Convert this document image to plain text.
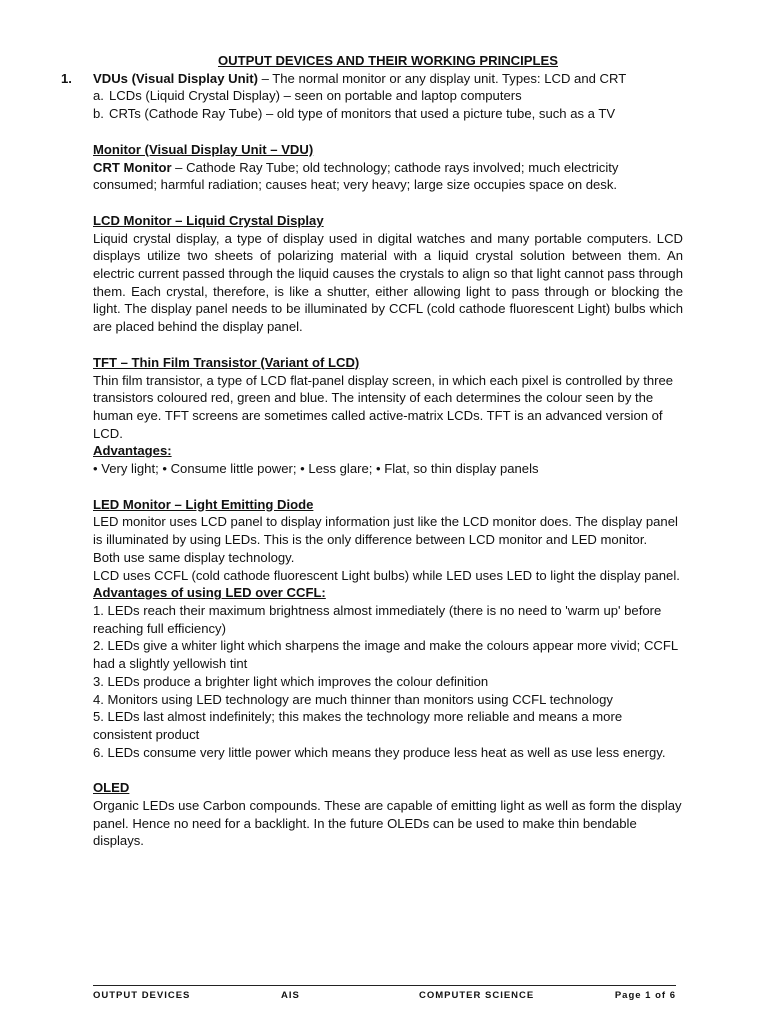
OUTPUT DEVICES AND THEIR WORKING PRINCIPLES
1. VDUs (Visual Display Unit) – The normal monitor or any display unit. Types: LCD and CRT
a. LCDs (Liquid Crystal Display) – seen on portable and laptop computers
b. CRTs (Cathode Ray Tube) – old type of monitors that used a picture tube, such as a TV
Monitor (Visual Display Unit – VDU)
CRT Monitor – Cathode Ray Tube; old technology; cathode rays involved; much electricity consumed; harmful radiation; causes heat; very heavy; large size occupies space on desk.
LCD Monitor – Liquid Crystal Display
Liquid crystal display, a type of display used in digital watches and many portable computers. LCD displays utilize two sheets of polarizing material with a liquid crystal solution between them. An electric current passed through the liquid causes the crystals to align so that light cannot pass through them. Each crystal, therefore, is like a shutter, either allowing light to pass through or blocking the light. The display panel needs to be illuminated by CCFL (cold cathode fluorescent Light) bulbs which are placed behind the display panel.
TFT – Thin Film Transistor (Variant of LCD)
Thin film transistor, a type of LCD flat-panel display screen, in which each pixel is controlled by three transistors coloured red, green and blue. The intensity of each determines the colour seen by the human eye. TFT screens are sometimes called active-matrix LCDs. TFT is an advanced version of LCD.
Advantages:
• Very light; • Consume little power; • Less glare; • Flat, so thin display panels
LED Monitor – Light Emitting Diode
LED monitor uses LCD panel to display information just like the LCD monitor does. The display panel is illuminated by using LEDs. This is the only difference between LCD monitor and LED monitor.
Both use same display technology.
LCD uses CCFL (cold cathode fluorescent Light bulbs) while LED uses LED to light the display panel.
Advantages of using LED over CCFL:
1. LEDs reach their maximum brightness almost immediately (there is no need to 'warm up' before reaching full efficiency)
2. LEDs give a whiter light which sharpens the image and make the colours appear more vivid; CCFL had a slightly yellowish tint
3. LEDs produce a brighter light which improves the colour definition
4. Monitors using LED technology are much thinner than monitors using CCFL technology
5. LEDs last almost indefinitely; this makes the technology more reliable and means a more consistent product
6. LEDs consume very little power which means they produce less heat as well as use less energy.
OLED
Organic LEDs use Carbon compounds. These are capable of emitting light as well as form the display panel. Hence no need for a backlight. In the future OLEDs can be used to make thin bendable displays.
OUTPUT DEVICES	AIS	COMPUTER SCIENCE	Page 1 of 6
